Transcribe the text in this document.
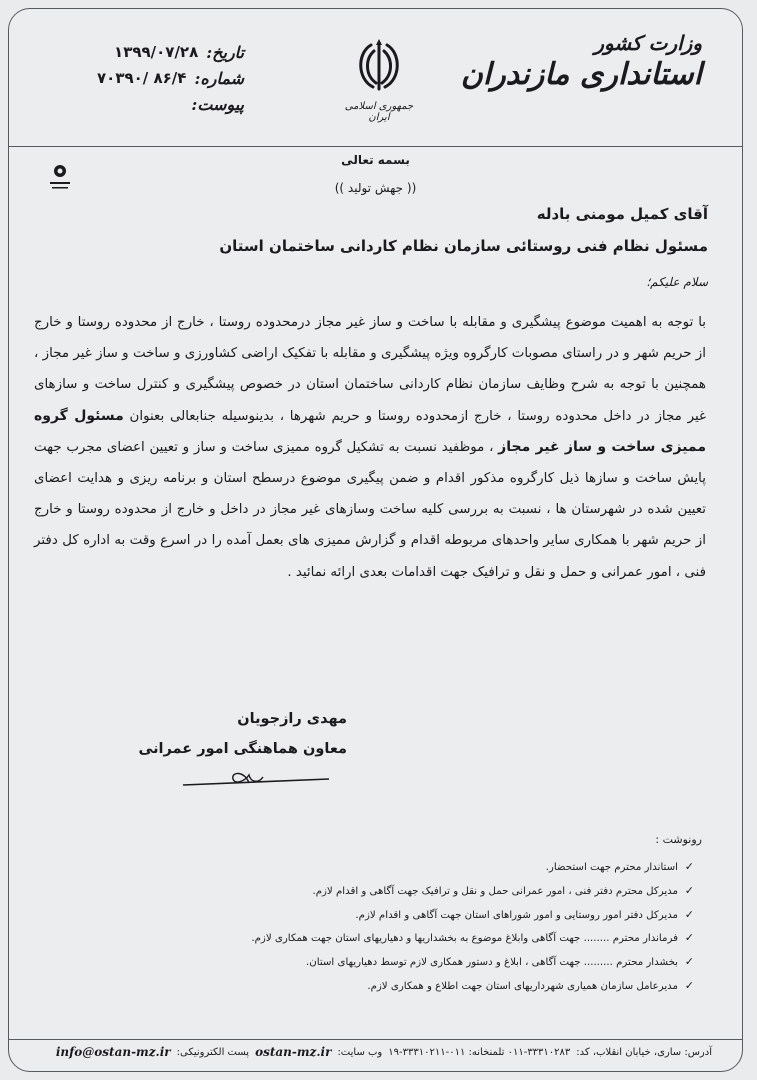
وزارت کشور
استانداری مازندران
جمهوری اسلامی ایران
تاریخ:
۱۳۹۹/۰۷/۲۸
شماره:
۸۶/۴ /۷۰۳۹۰
پیوست:
بسمه تعالی
(( جهش تولید ))
آقای کمیل مومنی بادله
مسئول نظام فنی روستائی سازمان نظام کاردانی ساختمان استان
سلام علیکم؛
با توجه به اهمیت موضوع پیشگیری و مقابله با ساخت و ساز غیر مجاز درمحدوده روستا ، خارج از محدوده روستا و خارج از حریم شهر و در راستای مصوبات کارگروه ویژه پیشگیری و مقابله با تفکیک اراضی کشاورزی و ساخت و ساز غیر مجاز ، همچنین با توجه به شرح وظایف سازمان نظام کاردانی ساختمان استان در خصوص پیشگیری و کنترل ساخت و سازهای غیر مجاز در داخل محدوده روستا ، خارج ازمحدوده روستا و حریم شهرها ، بدینوسیله جنابعالی بعنوان مسئول گروه ممیزی ساخت و ساز غیر مجاز ، موظفید نسبت به تشکیل گروه ممیزی ساخت و ساز و تعیین اعضای مجرب جهت پایش ساخت و سازها ذیل کارگروه مذکور اقدام و ضمن پیگیری موضوع درسطح استان و برنامه ریزی و هدایت اعضای تعیین شده در شهرستان ها ، نسبت به بررسی کلیه ساخت وسازهای غیر مجاز در داخل و خارج از محدوده روستا و خارج از حریم شهر با همکاری سایر واحدهای مربوطه اقدام و گزارش ممیزی های بعمل آمده را در اسرع وقت به اداره کل دفتر فنی ، امور عمرانی و حمل و نقل و ترافیک جهت اقدامات بعدی ارائه نمائید .
مهدی رازجویان
معاون هماهنگی امور عمرانی
رونوشت :
✓استاندار محترم جهت استحضار.
✓مدیرکل محترم دفتر فنی ، امور عمرانی حمل و نقل و ترافیک جهت آگاهی و اقدام لازم.
✓مدیرکل دفتر امور روستایی و امور شوراهای استان جهت آگاهی و اقدام لازم.
✓فرماندار محترم ........ جهت آگاهی وابلاغ موضوع به بخشداریها و دهیاریهای استان جهت همکاری لازم.
✓بخشدار محترم ......... جهت آگاهی ، ابلاغ و دستور همکاری لازم توسط دهیاریهای استان.
✓مدیرعامل سازمان همیاری شهرداریهای استان جهت اطلاع و همکاری لازم.
آدرس: ساری، خیابان انقلاب، کد:
۰۱۱-۳۳۳۱۰۲۸۳ تلمنخانه: ۰۱۱-۳۳۳۱۰۲۱۱-۱۹
وب سایت:
ostan-mz.ir
پست الکترونیکی:
info@ostan-mz.ir
